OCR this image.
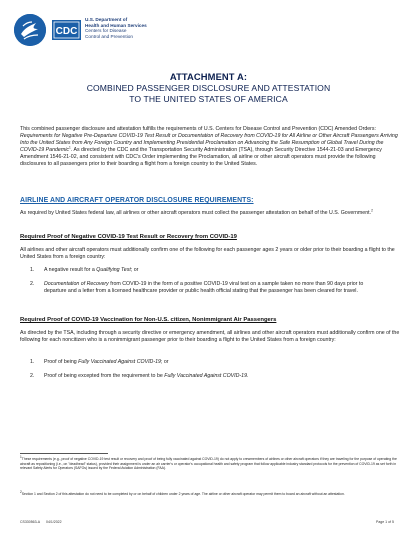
CDC
U.S. Department of
Health and Human Services
Centers for Disease
Control and Prevention
ATTACHMENT A:
COMBINED PASSENGER DISCLOSURE AND ATTESTATION
TO THE UNITED STATES OF AMERICA

This combined passenger disclosure and attestation fulfills the requirements of U.S. Centers for Disease Control and Prevention (CDC) Amended Orders: Requirements for Negative Pre-Departure COVID-19 Test Result or Documentation of Recovery from COVID-19 for All Airline or Other Aircraft Passengers Arriving Into the United States from Any Foreign Country and Implementing Presidential Proclamation on Advancing the Safe Resumption of Global Travel During the COVID-19 Pandemic$^1$. As directed by the CDC and the Transportation Security Administration (TSA), through Security Directive 1544-21-03 and Emergency Amendment 1546-21-02, and consistent with CDC's Order implementing the Proclamation, all airline or other aircraft operators must provide the following disclosures to all passengers prior to their boarding a flight from a foreign country to the United States.

AIRLINE AND AIRCRAFT OPERATOR DISCLOSURE REQUIREMENTS:

As required by United States federal law, all airlines or other aircraft operators must collect the passenger attestation on behalf of the U.S. Government.$^2$

Required Proof of Negative COVID-19 Test Result or Recovery from COVID-19
All airlines and other aircraft operators must additionally confirm one of the following for each passenger ages 2 years or older prior to their boarding a flight to the United States from a foreign country:
1. A negative result for a Qualifying Test; or
2. Documentation of Recovery from COVID-19 in the form of a positive COVID-19 viral test on a sample taken no more than 90 days prior to departure and a letter from a licensed healthcare provider or public health official stating that the passenger has been cleared for travel.
Required Proof of COVID-19 Vaccination for Non-U.S. citizen, Nonimmigrant Air Passengers
As directed by the TSA, including through a security directive or emergency amendment, all airlines and other aircraft operators must additionally confirm one of the following for each noncitizen who is a nonimmigrant passenger prior to their boarding a flight to the United States from a foreign country:
1. Proof of being Fully Vaccinated Against COVID-19; or
2. Proof of being excepted from the requirement to be Fully Vaccinated Against COVID-19.
$^1$These requirements (e.g., proof of negative COVID-19 test result or recovery and proof of being fully vaccinated against COVID-19) do not apply to crewmembers of airlines or other aircraft operators if they are traveling for the purpose of operating the aircraft as repositioning (i.e., on "deadhead" status), provided their assignment is under an air carrier's or operator's occupational health and safety program that follow applicable industry standard protocols for the prevention of COVID-19 as set forth in relevant Safety Alerts for Operators (SAFOs) issued by the Federal Aviation Administration (FAA).
$^2$Section 1 and Section 2 of this attestation do not need to be completed by or on behalf of children under 2 years of age. The airline or other aircraft operator may permit them to board an aircraft without an attestation.
CS330563-A 04/1/2022	Page 1 of 5
